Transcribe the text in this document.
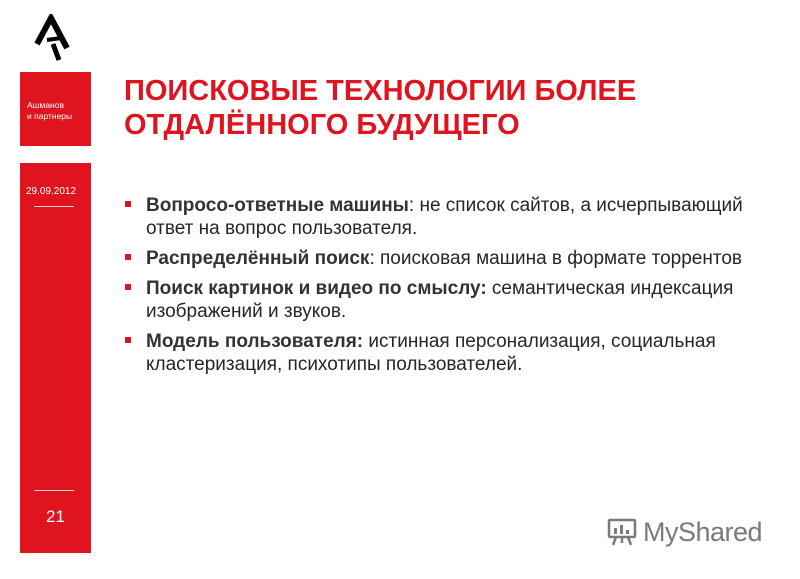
Ашманов
и партнеры
29.09.2012
21
ПОИСКОВЫЕ ТЕХНОЛОГИИ БОЛЕЕ
ОТДАЛЁННОГО БУДУЩЕГО
Вопросо-ответные машины: не список сайтов, а исчерпывающий ответ на вопрос пользователя.
Распределённый поиск: поисковая машина в формате торрентов
Поиск картинок и видео по смыслу: семантическая индексация изображений и звуков.
Модель пользователя: истинная персонализация, социальная кластеризация, психотипы пользователей.
MyShared
